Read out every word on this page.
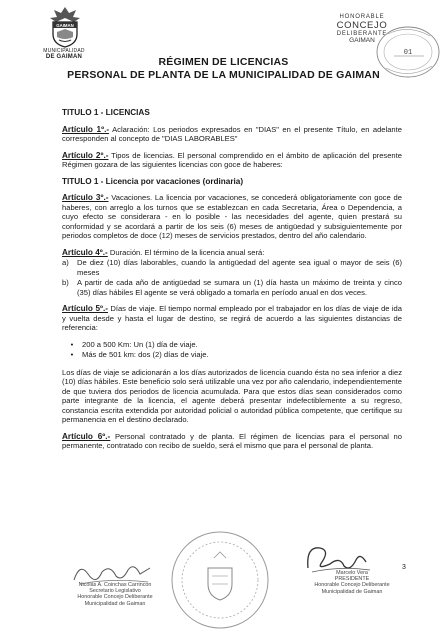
GAIMAN
MUNICIPALIDAD
DE GAIMAN
HONORABLE
CONCEJO
DELIBERANTE
GAIMAN
01
RÉGIMEN DE LICENCIAS
PERSONAL DE PLANTA DE LA MUNICIPALIDAD DE GAIMAN

TITULO 1 - LICENCIAS

Artículo 1º.- Aclaración: Los periodos expresados en "DIAS" en el presente Título, en adelante corresponden al concepto de "DIAS LABORABLES"

Artículo 2º.- Tipos de licencias. El personal comprendido en el ámbito de aplicación del presente Régimen gozara de las siguientes licencias con goce de haberes:

TITULO 1 - Licencia por vacaciones (ordinaria)

Artículo 3º.- Vacaciones. La licencia por vacaciones, se concederá obligatoriamente con goce de haberes, con arreglo a los turnos que se establezcan en cada Secretaria, Área o Dependencia, a cuyo efecto se considerara - en lo posible - las necesidades del agente, quien prestará su conformidad y se acordará a partir de los seis (6) meses de antigüedad y subsiguientemente por periodos completos de doce (12) meses de servicios prestados, dentro del año calendario.

Artículo 4º.- Duración. El término de la licencia anual será:

a)	De diez (10) días laborables, cuando la antigüedad del agente sea igual o mayor de seis (6) meses
b)	A partir de cada año de antigüedad se sumara un (1) día hasta un máximo de treinta y cinco (35) días hábiles El agente se verá obligado a tomarla en período anual en dos veces.

Artículo 5º.- Días de viaje. El tiempo normal empleado por el trabajador en los días de viaje de ida y vuelta desde y hasta el lugar de destino, se regirá de acuerdo a las siguientes distancias de referencia:

•	200 a 500 Km: Un (1) día de viaje.
•	Más de 501 km: dos (2) días de viaje.

Los días de viaje se adicionarán a los días autorizados de licencia cuando ésta no sea inferior a diez (10) días hábiles. Este beneficio solo será utilizable una vez por año calendario, independientemente de que tuviera dos periodos de licencia acumulada. Para que estos días sean considerados como parte integrante de la licencia, el agente deberá presentar indefectiblemente a su regreso, constancia escrita extendida por autoridad policial o autoridad pública competente, que certifique su permanencia en el destino declarado.

Artículo 6º.- Personal contratado y de planta. El régimen de licencias para el personal no permanente, contratado con recibo de sueldo, será el mismo que para el personal de planta.

Nicolás A. Coinchas Carrincon
Secretario Legislativo
Honorable Concejo Deliberante
Municipalidad de Gaiman
Marcelo Vera
PRESIDENTE
Honorable Concejo Deliberante
Municipalidad de Gaiman
3
